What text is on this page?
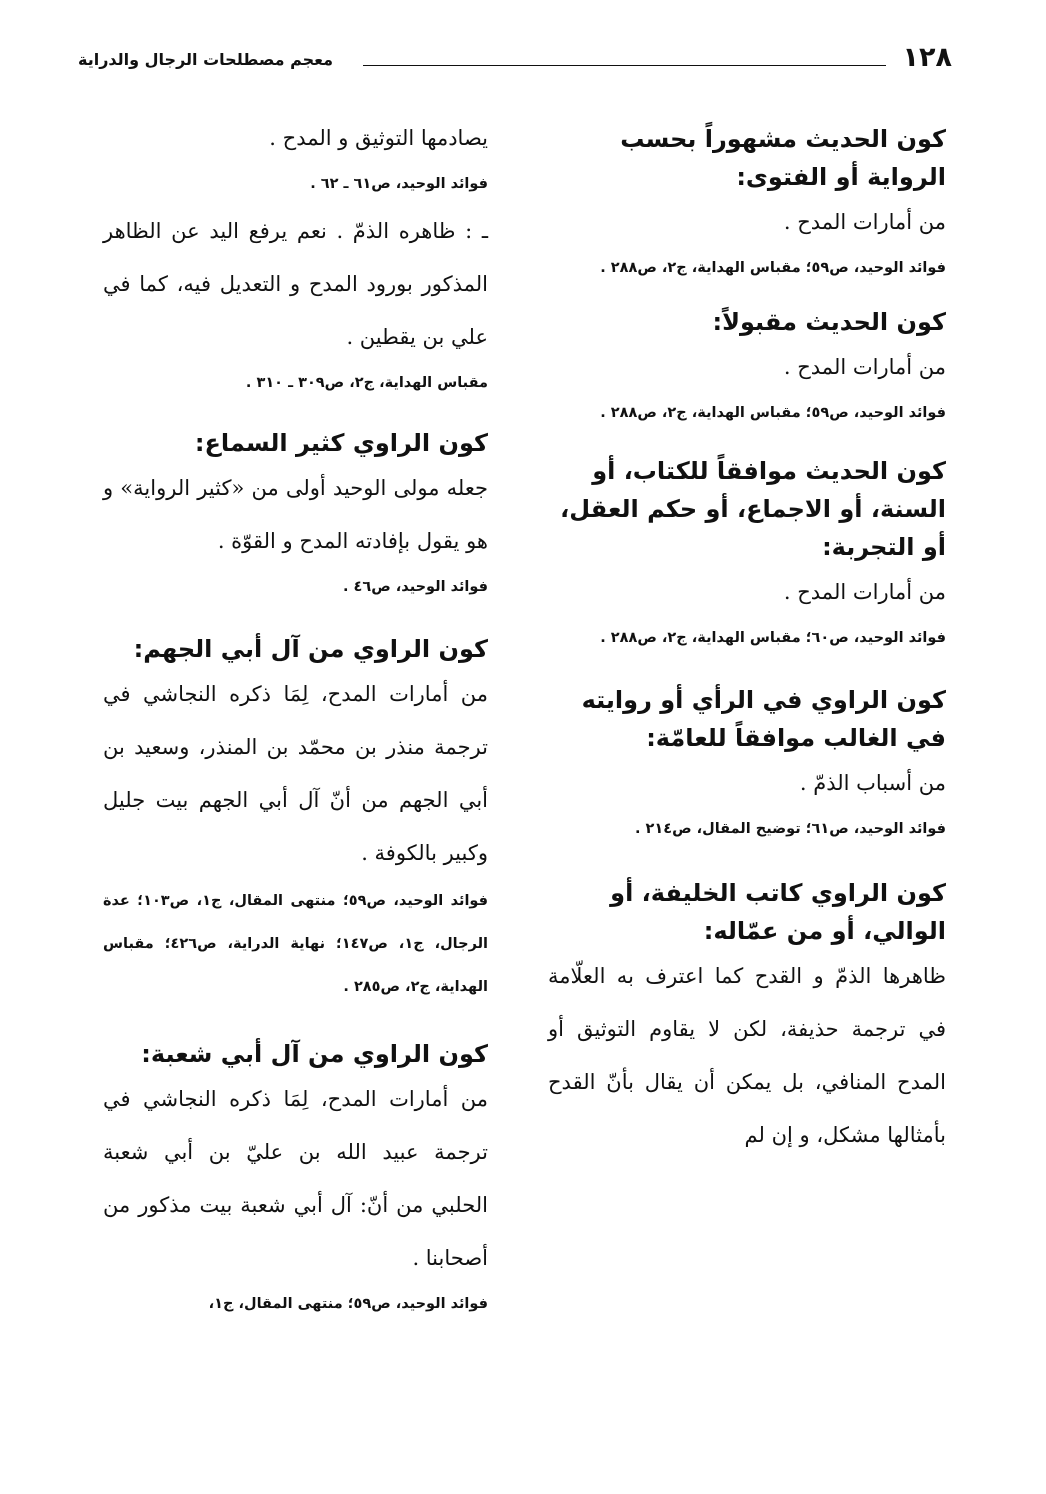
١٢٨
معجم مصطلحات الرجال والدراية

كون الحديث مشهوراً بحسب الرواية أو الفتوى:

من أمارات المدح .

فوائد الوحيد، ص٥٩؛ مقباس الهداية، ج٢، ص٢٨٨ .

كون الحديث مقبولاً:

من أمارات المدح .

فوائد الوحيد، ص٥٩؛ مقباس الهداية، ج٢، ص٢٨٨ .

كون الحديث موافقاً للكتاب، أو السنة، أو الاجماع، أو حكم العقل، أو التجربة:

من أمارات المدح .

فوائد الوحيد، ص٦٠؛ مقباس الهداية، ج٢، ص٢٨٨ .

كون الراوي في الرأي أو روايته في الغالب موافقاً للعامّة:

من أسباب الذمّ .

فوائد الوحيد، ص٦١؛ توضيح المقال، ص٢١٤ .

كون الراوي كاتب الخليفة، أو الوالي، أو من عمّاله:

ظاهرها الذمّ و القدح كما اعترف به العلّامة في ترجمة حذيفة، لكن لا يقاوم التوثيق أو المدح المنافي، بل يمكن أن يقال بأنّ القدح بأمثالها مشكل، و إن لم

يصادمها التوثيق و المدح .

فوائد الوحيد، ص٦١ ـ ٦٢ .

ـ : ظاهره الذمّ . نعم يرفع اليد عن الظاهر المذكور بورود المدح و التعديل فيه، كما في علي بن يقطين .

مقباس الهداية، ج٢، ص٣٠٩ ـ ٣١٠ .

كون الراوي كثير السماع:

جعله مولى الوحيد أولى من «كثير الرواية» و هو يقول بإفادته المدح و القوّة .

فوائد الوحيد، ص٤٦ .

كون الراوي من آل أبي الجهم:

من أمارات المدح، لِمَا ذكره النجاشي في ترجمة منذر بن محمّد بن المنذر، وسعيد بن أبي الجهم من أنّ آل أبي الجهم بيت جليل وكبير بالكوفة .

فوائد الوحيد، ص٥٩؛ منتهى المقال، ج١، ص١٠٣؛ عدة الرجال، ج١، ص١٤٧؛ نهاية الدراية، ص٤٢٦؛ مقباس الهداية، ج٢، ص٢٨٥ .

كون الراوي من آل أبي شعبة:

من أمارات المدح، لِمَا ذكره النجاشي في ترجمة عبيد الله بن عليّ بن أبي شعبة الحلبي من أنّ: آل أبي شعبة بيت مذكور من أصحابنا .

فوائد الوحيد، ص٥٩؛ منتهى المقال، ج١،
